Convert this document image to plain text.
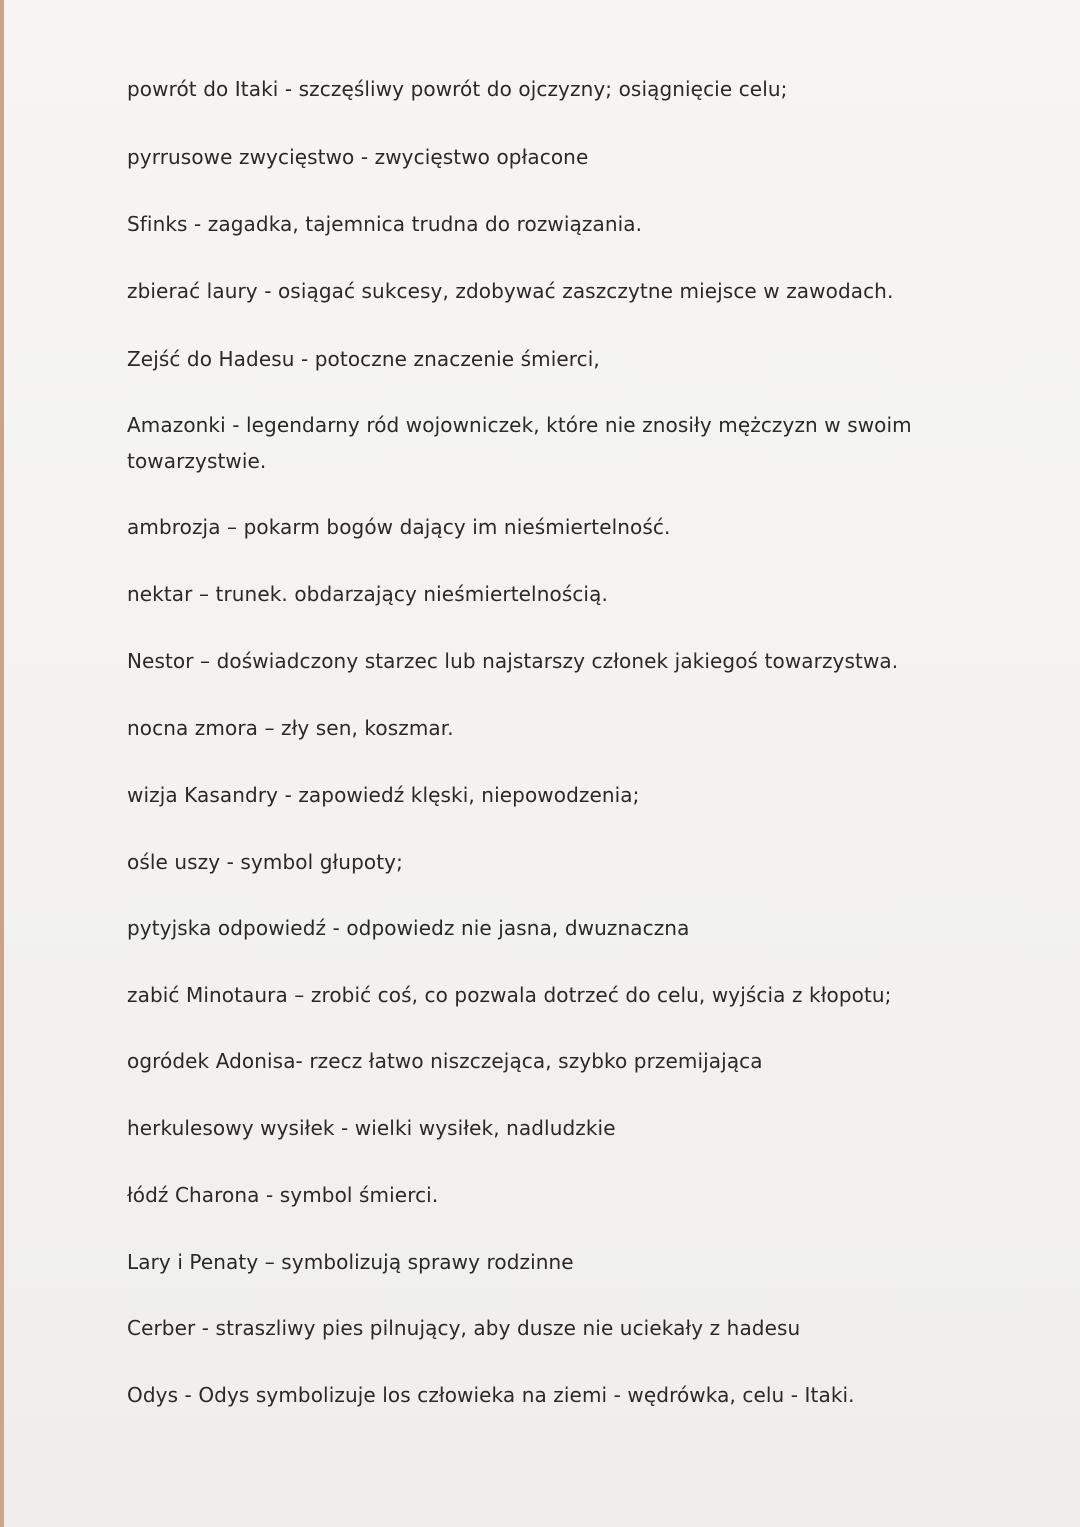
powrót do Itaki - szczęśliwy powrót do ojczyzny; osiągnięcie celu;

pyrrusowe zwycięstwo - zwycięstwo opłacone

Sfinks - zagadka, tajemnica trudna do rozwiązania.

zbierać laury - osiągać sukcesy, zdobywać zaszczytne miejsce w zawodach.

Zejść do Hadesu - potoczne znaczenie śmierci,

Amazonki - legendarny ród wojowniczek, które nie znosiły mężczyzn w swoim towarzystwie.

ambrozja – pokarm bogów dający im nieśmiertelność.

nektar – trunek. obdarzający nieśmiertelnością.

Nestor – doświadczony starzec lub najstarszy członek jakiegoś towarzystwa.

nocna zmora – zły sen, koszmar.

wizja Kasandry - zapowiedź klęski, niepowodzenia;

ośle uszy - symbol głupoty;

pytyjska odpowiedź - odpowiedz nie jasna, dwuznaczna

zabić Minotaura – zrobić coś, co pozwala dotrzeć do celu, wyjścia z kłopotu;

ogródek Adonisa- rzecz łatwo niszczejąca, szybko przemijająca

herkulesowy wysiłek - wielki wysiłek, nadludzkie

łódź Charona - symbol śmierci.

Lary i Penaty – symbolizują sprawy rodzinne

Cerber - straszliwy pies pilnujący, aby dusze nie uciekały z hadesu

Odys - Odys symbolizuje los człowieka na ziemi - wędrówka, celu - Itaki.
